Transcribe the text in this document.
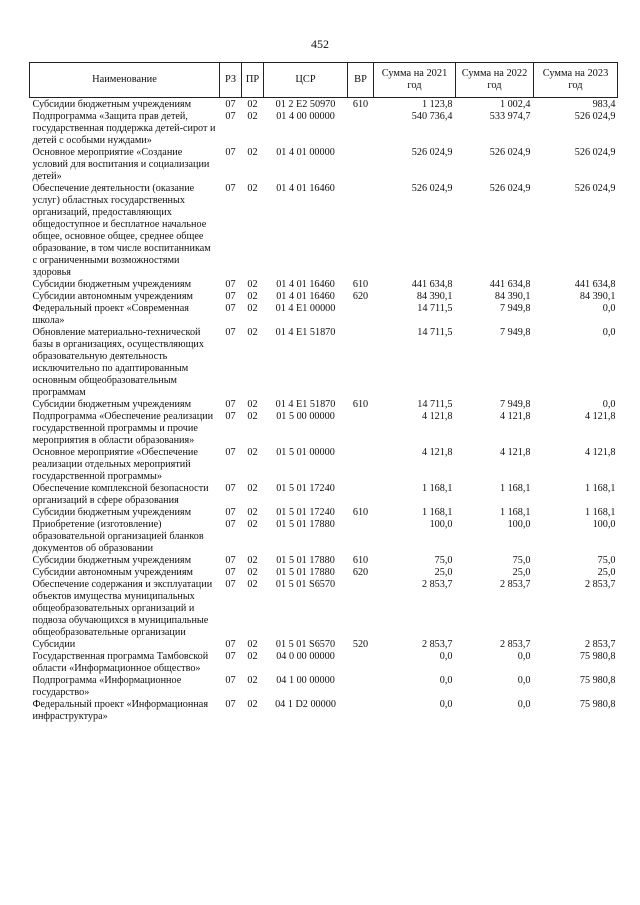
452
Наименование	РЗ	ПР	ЦСР	ВР	Сумма на 2021 год	Сумма на 2022 год	Сумма на 2023 год
Субсидии бюджетным учреждениям	07	02	01 2 E2 50970	610	1 123,8	1 002,4	983,4
Подпрограмма «Защита прав детей, государственная поддержка детей-сирот и детей с особыми нуждами»	07	02	01 4 00 00000		540 736,4	533 974,7	526 024,9
Основное мероприятие «Создание условий для воспитания и социализации детей»	07	02	01 4 01 00000		526 024,9	526 024,9	526 024,9
Обеспечение деятельности (оказание услуг) областных государственных организаций, предоставляющих общедоступное и бесплатное начальное общее, основное общее, среднее общее образование, в том числе воспитанникам с ограниченными возможностями здоровья	07	02	01 4 01 16460		526 024,9	526 024,9	526 024,9
Субсидии бюджетным учреждениям	07	02	01 4 01 16460	610	441 634,8	441 634,8	441 634,8
Субсидии автономным учреждениям	07	02	01 4 01 16460	620	84 390,1	84 390,1	84 390,1
Федеральный проект «Современная школа»	07	02	01 4 E1 00000		14 711,5	7 949,8	0,0
Обновление материально-технической базы в организациях, осуществляющих образовательную деятельность исключительно по адаптированным основным общеобразовательным программам	07	02	01 4 E1 51870		14 711,5	7 949,8	0,0
Субсидии бюджетным учреждениям	07	02	01 4 E1 51870	610	14 711,5	7 949,8	0,0
Подпрограмма «Обеспечение реализации государственной программы и прочие мероприятия в области образования»	07	02	01 5 00 00000		4 121,8	4 121,8	4 121,8
Основное мероприятие «Обеспечение реализации отдельных мероприятий государственной программы»	07	02	01 5 01 00000		4 121,8	4 121,8	4 121,8
Обеспечение комплексной безопасности организаций в сфере образования	07	02	01 5 01 17240		1 168,1	1 168,1	1 168,1
Субсидии бюджетным учреждениям	07	02	01 5 01 17240	610	1 168,1	1 168,1	1 168,1
Приобретение (изготовление) образовательной организацией бланков документов об образовании	07	02	01 5 01 17880		100,0	100,0	100,0
Субсидии бюджетным учреждениям	07	02	01 5 01 17880	610	75,0	75,0	75,0
Субсидии автономным учреждениям	07	02	01 5 01 17880	620	25,0	25,0	25,0
Обеспечение содержания и эксплуатации объектов имущества муниципальных общеобразовательных организаций и подвоза обучающихся в муниципальные общеобразовательные организации	07	02	01 5 01 S6570		2 853,7	2 853,7	2 853,7
Субсидии	07	02	01 5 01 S6570	520	2 853,7	2 853,7	2 853,7
Государственная программа Тамбовской области «Информационное общество»	07	02	04 0 00 00000		0,0	0,0	75 980,8
Подпрограмма «Информационное государство»	07	02	04 1 00 00000		0,0	0,0	75 980,8
Федеральный проект «Информационная инфраструктура»	07	02	04 1 D2 00000		0,0	0,0	75 980,8
